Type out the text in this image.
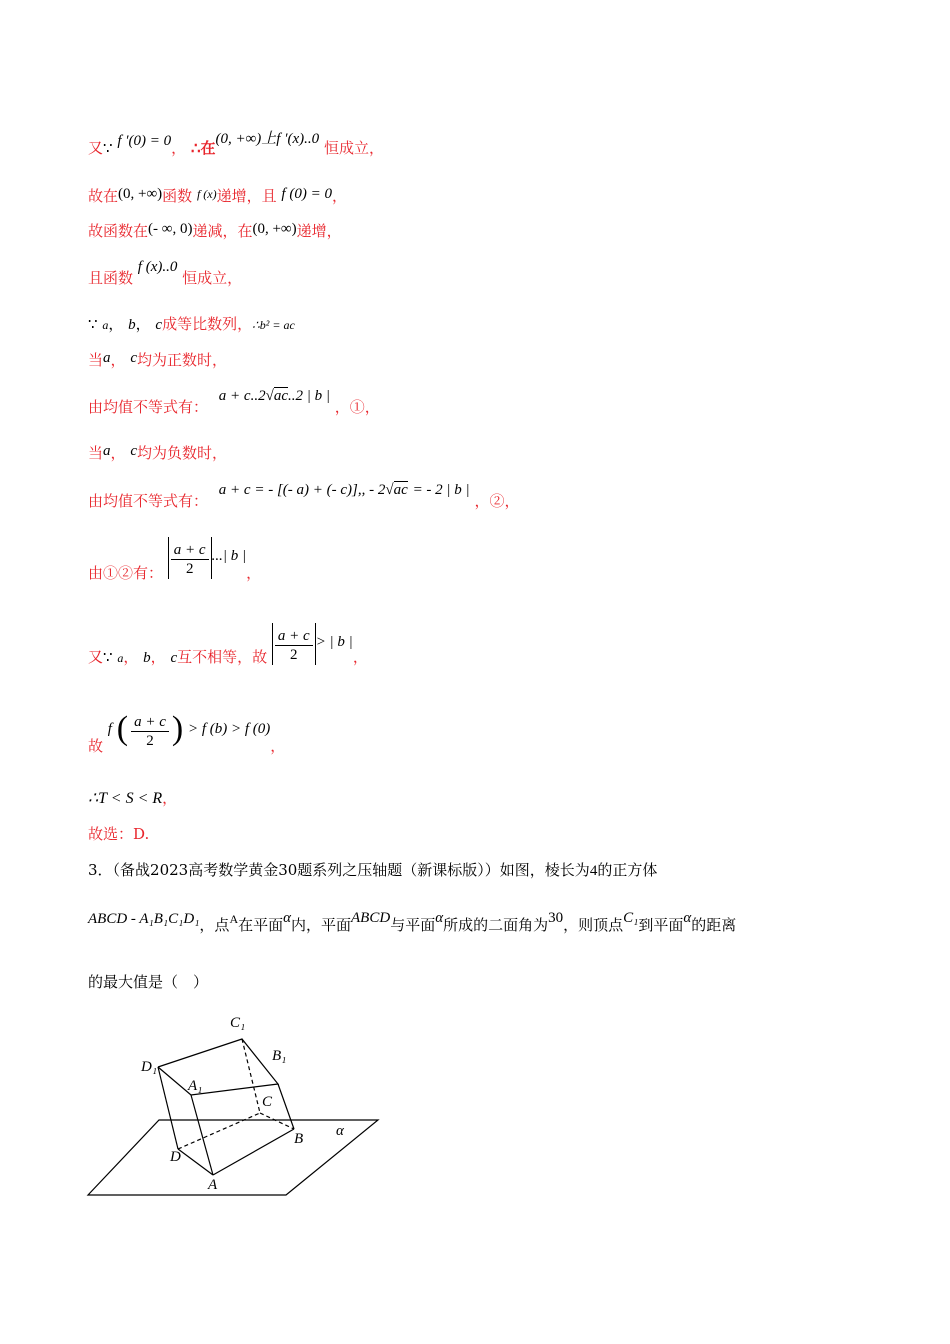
又∵ f ′(0) = 0， ∴在(0, +∞)上f ′(x)..0 恒成立，
故在(0, +∞)函数 $^{f (x)}$递增，且 f (0) = 0，
故函数在(- ∞, 0)递减，在(0, +∞)递增，
且函数 f (x)..0 恒成立，
∵ a， b， c成等比数列，∴b² = ac
当a， c均为正数时，
由均值不等式有： a + c..2√ac..2 | b | ，①，
当a， c均为负数时，
由均值不等式有： a + c = - [(- a) + (- c)],, - 2√ac = - 2 | b | ，②，
由①②有： $\frac{a + c}{2}$ ...| b |，
又∵ a， b， c互不相等，故 $\frac{a + c}{2}$ > | b |，
故 f ( $\frac{a + c}{2}$ ) > f (b) > f (0)，
∴T < S < R，
故选：D.
3．（备战2023高考数学黄金30题系列之压轴题（新课标版））如图，棱长为4的正方体
ABCD - A₁B₁C₁D₁，点$^A$在平面α内，平面ABCD与平面α所成的二面角为30，则顶点C₁到平面α的距离
的最大值是（　）
C₁
B₁
D₁
A₁
C
B
D
A
α
